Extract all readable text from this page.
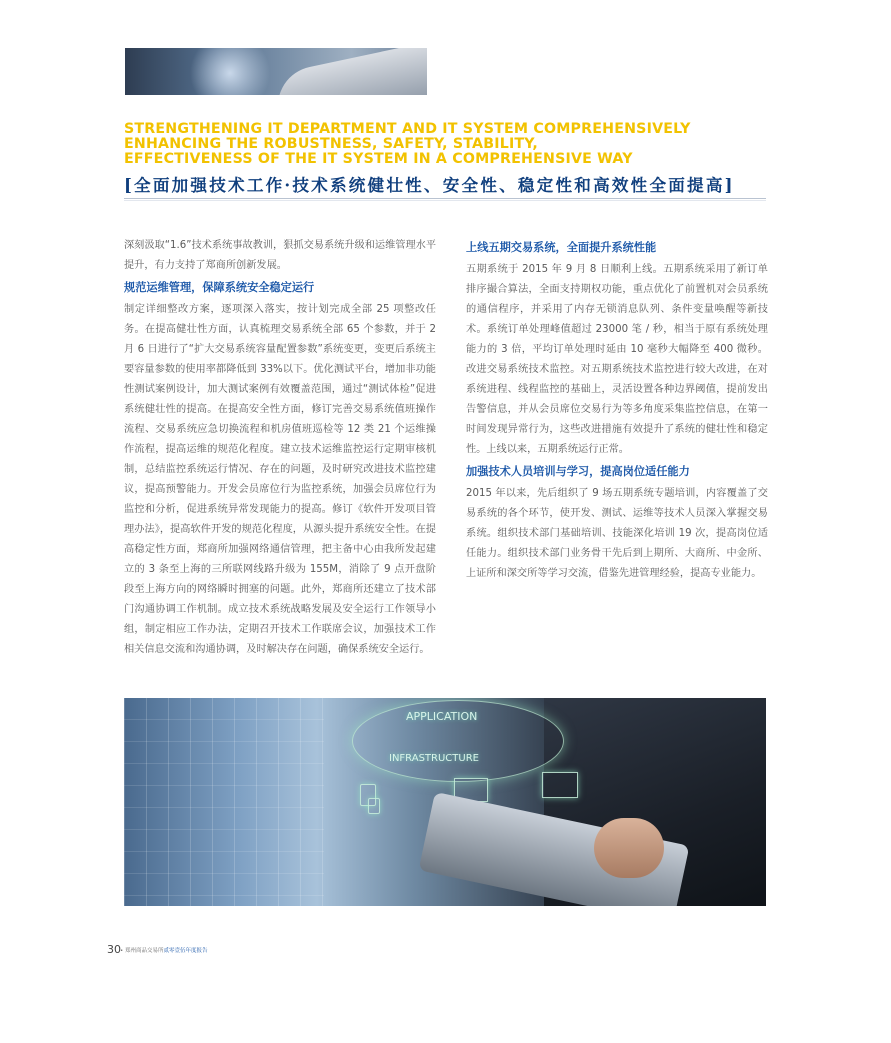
STRENGTHENING IT DEPARTMENT AND IT SYSTEM COMPREHENSIVELY
ENHANCING THE ROBUSTNESS, SAFETY, STABILITY,
EFFECTIVENESS OF THE IT SYSTEM IN A COMPREHENSIVE WAY
[全面加强技术工作·技术系统健壮性、安全性、稳定性和高效性全面提高]

深刻汲取“1.6”技术系统事故教训，狠抓交易系统升级和运维管理水平提升，有力支持了郑商所创新发展。

规范运维管理，保障系统安全稳定运行

制定详细整改方案，逐项深入落实，按计划完成全部 25 项整改任务。在提高健壮性方面，认真梳理交易系统全部 65 个参数，并于 2 月 6 日进行了“扩大交易系统容量配置参数”系统变更，变更后系统主要容量参数的使用率都降低到 33%以下。优化测试平台，增加非功能性测试案例设计，加大测试案例有效覆盖范围，通过“测试体检”促进系统健壮性的提高。在提高安全性方面，修订完善交易系统值班操作流程、交易系统应急切换流程和机房值班巡检等 12 类 21 个运维操作流程，提高运维的规范化程度。建立技术运维监控运行定期审核机制，总结监控系统运行情况、存在的问题，及时研究改进技术监控建议，提高预警能力。开发会员席位行为监控系统，加强会员席位行为监控和分析，促进系统异常发现能力的提高。修订《软件开发项目管理办法》，提高软件开发的规范化程度，从源头提升系统安全性。在提高稳定性方面，郑商所加强网络通信管理，把主备中心由我所发起建立的 3 条至上海的三所联网线路升级为 155M，消除了 9 点开盘阶段至上海方向的网络瞬时拥塞的问题。此外，郑商所还建立了技术部门沟通协调工作机制。成立技术系统战略发展及安全运行工作领导小组，制定相应工作办法，定期召开技术工作联席会议，加强技术工作相关信息交流和沟通协调，及时解决存在问题，确保系统安全运行。

上线五期交易系统，全面提升系统性能

五期系统于 2015 年 9 月 8 日顺利上线。五期系统采用了新订单排序撮合算法，全面支持期权功能，重点优化了前置机对会员系统的通信程序，并采用了内存无锁消息队列、条件变量唤醒等新技术。系统订单处理峰值超过 23000 笔 / 秒，相当于原有系统处理能力的 3 倍，平均订单处理时延由 10 毫秒大幅降至 400 微秒。改进交易系统技术监控。对五期系统技术监控进行较大改进，在对系统进程、线程监控的基础上，灵活设置各种边界阈值，提前发出告警信息，并从会员席位交易行为等多角度采集监控信息，在第一时间发现异常行为，这些改进措施有效提升了系统的健壮性和稳定性。上线以来，五期系统运行正常。

加强技术人员培训与学习，提高岗位适任能力

2015 年以来，先后组织了 9 场五期系统专题培训，内容覆盖了交易系统的各个环节，使开发、测试、运维等技术人员深入掌握交易系统。组织技术部门基础培训、技能深化培训 19 次，提高岗位适任能力。组织技术部门业务骨干先后到上期所、大商所、中金所、上证所和深交所等学习交流，借鉴先进管理经验，提高专业能力。

APPLICATION
INFRASTRUCTURE
30 • 郑州商品交易所贰零壹伍年度报告
